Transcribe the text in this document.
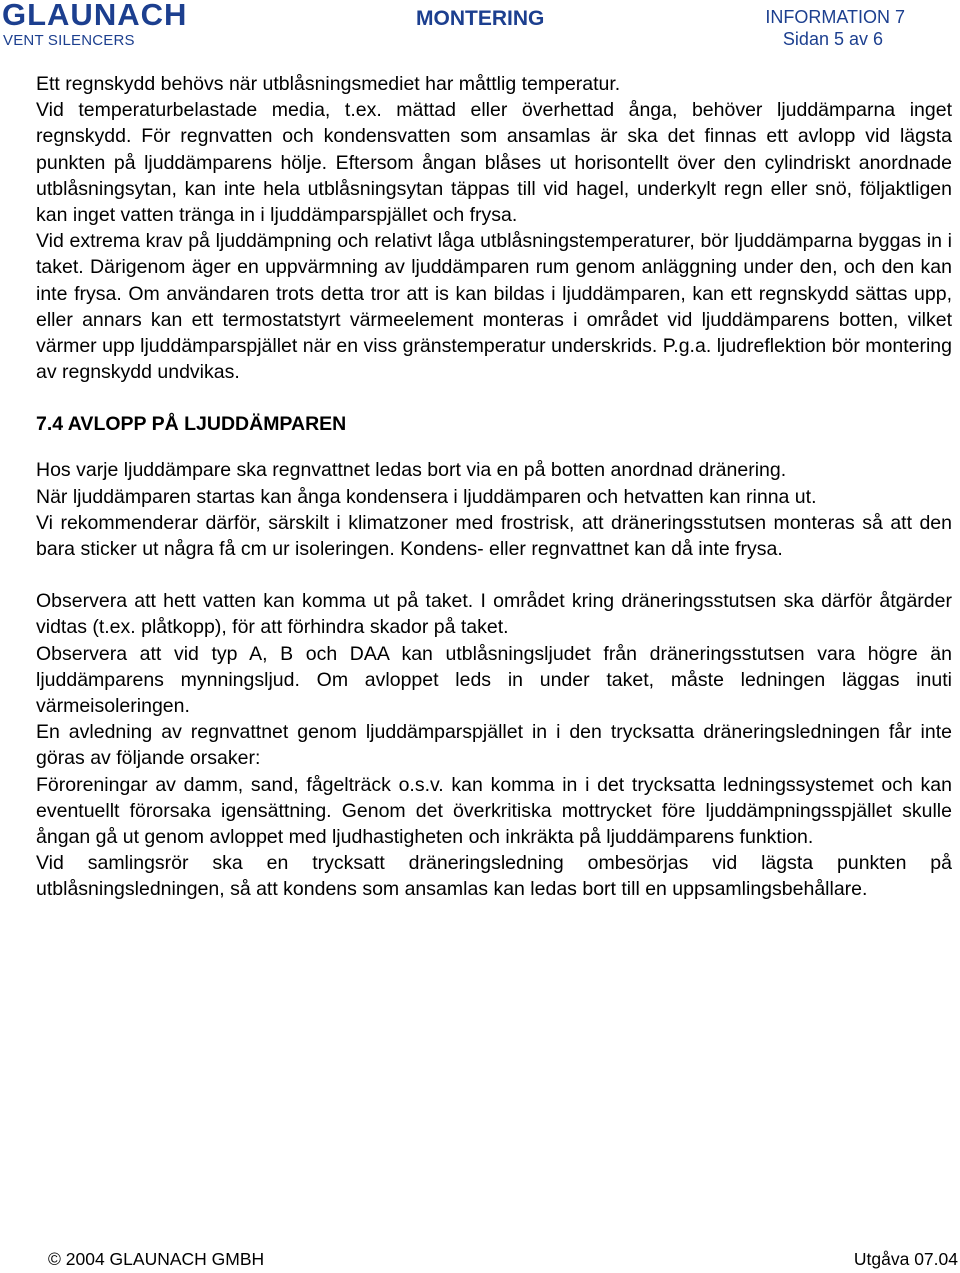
GLAUNACH
VENT SILENCERS
MONTERING	INFORMATION 7
Sidan 5 av 6

Ett regnskydd behövs när utblåsningsmediet har måttlig temperatur.

Vid temperaturbelastade media, t.ex. mättad eller överhettad ånga, behöver ljuddämparna inget regnskydd. För regnvatten och kondensvatten som ansamlas är ska det finnas ett avlopp vid lägsta punkten på ljuddämparens hölje. Eftersom ångan blåses ut horisontellt över den cylindriskt anordnade utblåsningsytan, kan inte hela utblåsningsytan täppas till vid hagel, underkylt regn eller snö, följaktligen kan inget vatten tränga in i ljuddämparspjället och frysa.

Vid extrema krav på ljuddämpning och relativt låga utblåsningstemperaturer, bör ljuddämparna byggas in i taket. Därigenom äger en uppvärmning av ljuddämparen rum genom anläggning under den, och den kan inte frysa. Om användaren trots detta tror att is kan bildas i ljuddämparen, kan ett regnskydd sättas upp, eller annars kan ett termostatstyrt värmeelement monteras i området vid ljuddämparens botten, vilket värmer upp ljuddämparspjället när en viss gränstemperatur underskrids. P.g.a. ljudreflektion bör montering av regnskydd undvikas.

7.4 AVLOPP PÅ LJUDDÄMPAREN

Hos varje ljuddämpare ska regnvattnet ledas bort via en på botten anordnad dränering.

När ljuddämparen startas kan ånga kondensera i ljuddämparen och hetvatten kan rinna ut.

Vi rekommenderar därför, särskilt i klimatzoner med frostrisk, att dräneringsstutsen monteras så att den bara sticker ut några få cm ur isoleringen. Kondens- eller regnvattnet kan då inte frysa.

Observera att hett vatten kan komma ut på taket. I området kring dräneringsstutsen ska därför åtgärder vidtas (t.ex. plåtkopp), för att förhindra skador på taket.

Observera att vid typ A, B och DAA kan utblåsningsljudet från dräneringsstutsen vara högre än ljuddämparens mynningsljud. Om avloppet leds in under taket, måste ledningen läggas inuti värmeisoleringen.

En avledning av regnvattnet genom ljuddämparspjället in i den trycksatta dräneringsledningen får inte göras av följande orsaker:

Föroreningar av damm, sand, fågelträck o.s.v. kan komma in i det trycksatta ledningssystemet och kan eventuellt förorsaka igensättning. Genom det överkritiska mottrycket före ljuddämpningsspjället skulle ångan gå ut genom avloppet med ljudhastigheten och inkräkta på ljuddämparens funktion.

Vid samlingsrör ska en trycksatt dräneringsledning ombesörjas vid lägsta punkten på utblåsningsledningen, så att kondens som ansamlas kan ledas bort till en uppsamlingsbehållare.

© 2004 GLAUNACH GMBH	Utgåva 07.04
